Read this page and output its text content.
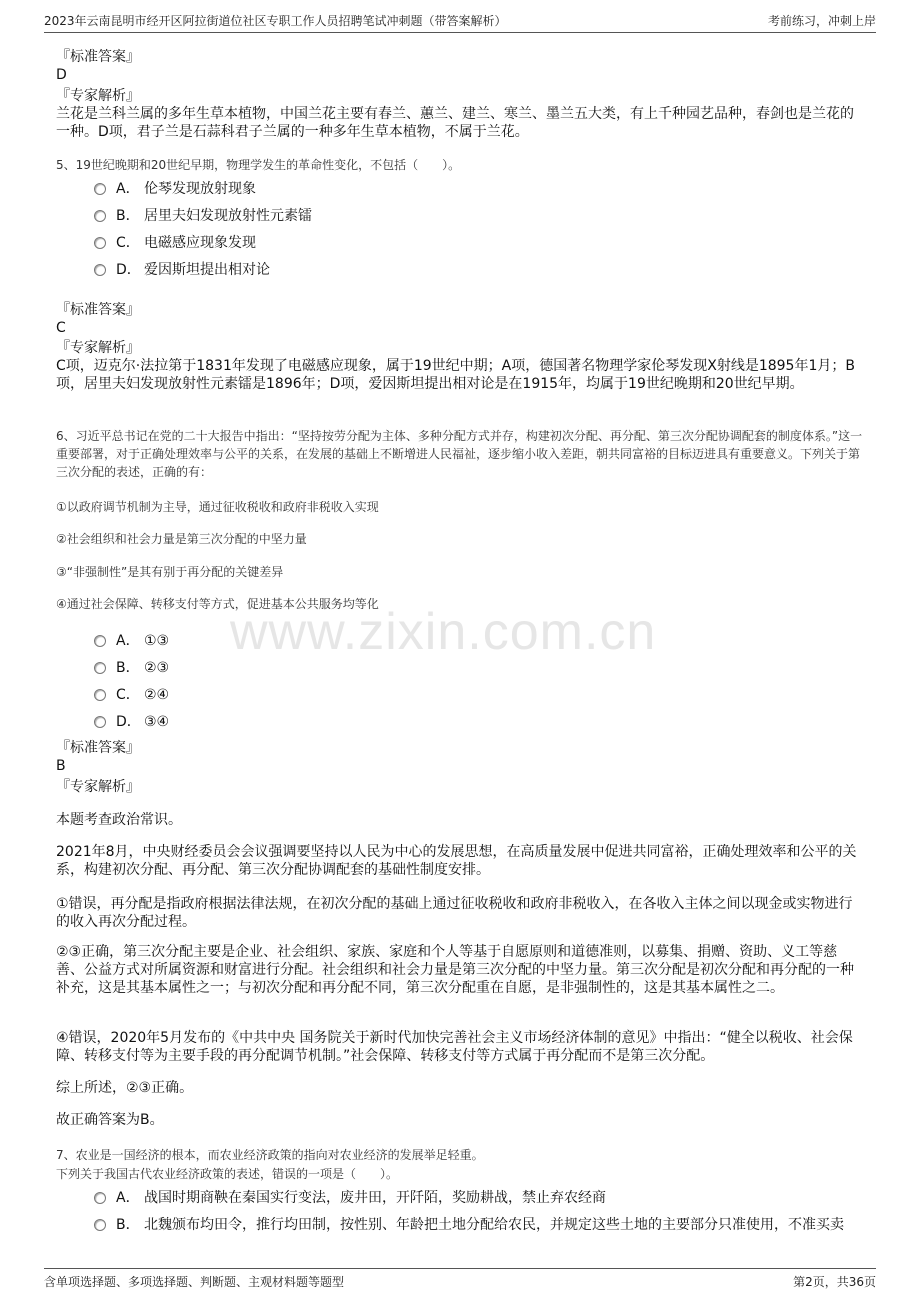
2023年云南昆明市经开区阿拉街道位社区专职工作人员招聘笔试冲刺题（带答案解析）	考前练习，冲刺上岸
www.zixin.com.cn
『标准答案』
D
『专家解析』
兰花是兰科兰属的多年生草本植物，中国兰花主要有春兰、蕙兰、建兰、寒兰、墨兰五大类，有上千种园艺品种，春剑也是兰花的一种。D项，君子兰是石蒜科君子兰属的一种多年生草本植物，不属于兰花。
5、19世纪晚期和20世纪早期，物理学发生的革命性变化，不包括（　　）。
A． 伦琴发现放射现象
B． 居里夫妇发现放射性元素镭
C． 电磁感应现象发现
D． 爱因斯坦提出相对论
『标准答案』
C
『专家解析』
C项，迈克尔·法拉第于1831年发现了电磁感应现象，属于19世纪中期；A项，德国著名物理学家伦琴发现X射线是1895年1月；B项，居里夫妇发现放射性元素镭是1896年；D项，爱因斯坦提出相对论是在1915年，均属于19世纪晚期和20世纪早期。
6、习近平总书记在党的二十大报告中指出：“坚持按劳分配为主体、多种分配方式并存，构建初次分配、再分配、第三次分配协调配套的制度体系。”这一重要部署，对于正确处理效率与公平的关系，在发展的基础上不断增进人民福祉，逐步缩小收入差距，朝共同富裕的目标迈进具有重要意义。下列关于第三次分配的表述，正确的有：
①以政府调节机制为主导，通过征收税收和政府非税收入实现
②社会组织和社会力量是第三次分配的中坚力量
③“非强制性”是其有别于再分配的关键差异
④通过社会保障、转移支付等方式，促进基本公共服务均等化
A． ①③
B． ②③
C． ②④
D． ③④
『标准答案』
B
『专家解析』
本题考查政治常识。
2021年8月，中央财经委员会会议强调要坚持以人民为中心的发展思想，在高质量发展中促进共同富裕，正确处理效率和公平的关系，构建初次分配、再分配、第三次分配协调配套的基础性制度安排。
①错误，再分配是指政府根据法律法规，在初次分配的基础上通过征收税收和政府非税收入，在各收入主体之间以现金或实物进行的收入再次分配过程。
②③正确，第三次分配主要是企业、社会组织、家族、家庭和个人等基于自愿原则和道德准则，以募集、捐赠、资助、义工等慈善、公益方式对所属资源和财富进行分配。社会组织和社会力量是第三次分配的中坚力量。第三次分配是初次分配和再分配的一种补充，这是其基本属性之一；与初次分配和再分配不同，第三次分配重在自愿，是非强制性的，这是其基本属性之二。
④错误，2020年5月发布的《中共中央 国务院关于新时代加快完善社会主义市场经济体制的意见》中指出：“健全以税收、社会保障、转移支付等为主要手段的再分配调节机制。”社会保障、转移支付等方式属于再分配而不是第三次分配。
综上所述，②③正确。
故正确答案为B。
7、农业是一国经济的根本，而农业经济政策的指向对农业经济的发展举足轻重。
下列关于我国古代农业经济政策的表述，错误的一项是（　　）。
A． 战国时期商鞅在秦国实行变法，废井田，开阡陌，奖励耕战，禁止弃农经商
B． 北魏颁布均田令，推行均田制，按性别、年龄把土地分配给农民，并规定这些土地的主要部分只准使用，不准买卖
含单项选择题、多项选择题、判断题、主观材料题等题型	第2页，共36页
